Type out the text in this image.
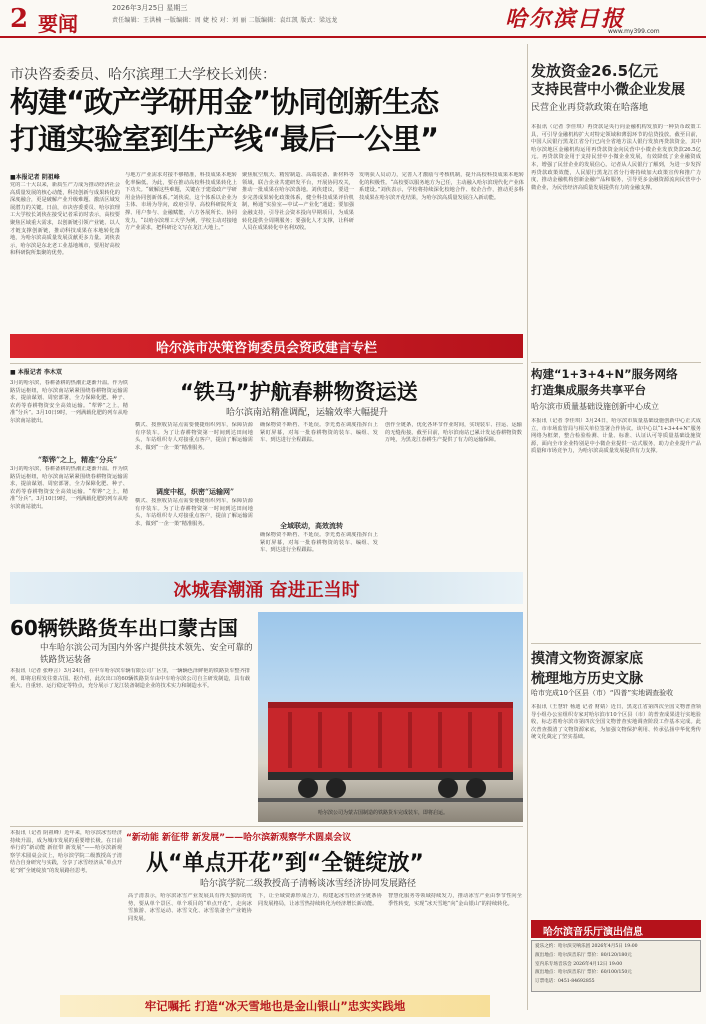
2 要闻
2026年3月25日 星期三
责任编辑：王洪楠 一版编辑：周 婕 校 对：刘 丽 二版编辑：袁红凯 版式：梁远龙	哈尔滨日报
www.my399.com
市决咨委委员、哈尔滨理工大学校长刘侠：
构建“政产学研用金”协同创新生态
打通实验室到生产线“最后一公里”
■本报记者 阴祖峰
党的二十大以来，新质生产力成为推动经济社会高质量发展的核心动能，科技创新与成果转化的深度融合，更是破解产业升级难题、激活区域发展潜力的关键。日前，市决咨委委员、哈尔滨理工大学校长刘侠在接受记者采访时表示，高校要聚焦区域重大需求，以创新链引领产业链、以人才链支撑创新链，推动科技成果在本地转化落地，为哈尔滨高质量发展贡献更多力量。刘侠表示，哈尔滨是东北老工业基地城市，要用好高校和科研院所集聚的优势。
与地方产业需求对接不够精准，科技成果本地转化率偏低。为此，要在推动高校科技成果转化上下功夫。“破解这些难题，关键在于建设政产学研用金协同创新体系。”刘侠说，这个体系以企业为主体、市场为导向，政府引导、高校科研院所支撑、用户参与、金融赋能，六方各展所长、协同发力。“以哈尔滨理工大学为例，学校主动对接地方产业需求，把科研论文写在龙江大地上。”
聚焦航空航天、精密制造、高端装备、新材料等领域，联合企业共建研发平台，开展协同攻关，推动一批成果在哈尔滨落地。刘侠建议，要进一步完善成果转化政策体系，健全科技成果评价机制，畅通“实验室—中试—产业化”通道；要加强金融支持，引导社会资本投向早期项目，为成果转化提供全周期服务；要强化人才支撑，让科研人员在成果转化中名利双收。
发明获人员动力，完善人才激励与考核机制，提升高校科技成果本地转化的积极性。“高校要以服务地方为己任，主动融入哈尔滨现代化产业体系建设。”刘侠表示，学校将持续深化校地合作、校企合作，推动更多科技成果在哈尔滨开花结果，为哈尔滨高质量发展注入新动能。
哈尔滨市决策咨询委员会资政建言专栏
发放资金26.5亿元
支持民营中小微企业发展
民营企业再贷款政策在哈落地
本报讯（记者 李佳琪）再贷款是央行向金融机构发放的一种货币政策工具，可引导金融机构扩大对特定领域和薄弱环节的信贷投放。截至目前，中国人民银行黑龙江省分行已向全省地方法人银行发放再贷款资金，其中哈尔滨地区金融机构运用再贷款资金向民营中小微企业发放贷款26.5亿元。再贷款资金用于支持民营中小微企业发展，有效降低了企业融资成本，增强了民营企业的发展信心。记者从人民银行了解到，为进一步发挥再贷款政策效能，人民银行黑龙江省分行将持续加大政策宣传和推广力度，推动金融机构创新金融产品和服务，引导更多金融资源流向民营中小微企业，为民营经济高质量发展提供有力的金融支撑。
■ 本报记者 李木双
“铁马”护航春耕物资运送
哈尔滨南站精准调配，运输效率大幅提升
3月的哈尔滨，春耕备耕的热潮正逐渐升温。作为铁路货运枢纽，哈尔滨南站紧紧围绕春耕物资运输需求，提前谋划、周密部署，全力保障化肥、种子、农药等春耕物资安全高效运输。“犁铧”之上，精准“分兵”。3月10日9时，一列满载化肥的列车从哈尔滨南站驶出。
“犁铧”之上，精准“分兵”
3月的哈尔滨，春耕备耕的热潮正逐渐升温。作为铁路货运枢纽，哈尔滨南站紧紧围绕春耕物资运输需求，提前谋划、周密部署，全力保障化肥、种子、农药等春耕物资安全高效运输。“犁铧”之上，精准“分兵”。3月10日9时，一列满载化肥的列车从哈尔滨南站驶出。
横式、按照收货站点需要便捷组织列车，保障货源有序装车。为了让春耕物资第一时间到达田间地头，车站组织专人对接重点客户，提前了解运输需求，做到“一企一策”精准服务。
调度中枢，织密“运输网”
横式、按照收货站点需要便捷组织列车，保障货源有序装车。为了让春耕物资第一时间到达田间地头，车站组织专人对接重点客户，提前了解运输需求，做到“一企一策”精准服务。
确保物资不断档、不延误。李光勇在调度指挥台上紧盯屏幕，对每一批春耕物资的装车、编组、发车、到达进行全程跟踪。
全域联动，高效流转
确保物资不断档、不延误。李光勇在调度指挥台上紧盯屏幕，对每一批春耕物资的装车、编组、发车、到达进行全程跟踪。
创作全链条，优化各环节作业时间，实现装车、挂运、运输的无缝衔接。截至目前，哈尔滨南站已累计发运春耕物资数万吨，为黑龙江春耕生产提供了有力的运输保障。
冰城春潮涌 奋进正当时
60辆铁路货车出口蒙古国
中车哈尔滨公司为国内外客户提供技术领先、安全可靠的
铁路货运装备
本报讯（记者 张峥言）3月24日，在中车哈尔滨车辆有限公司厂区里，一辆辆色泽鲜艳的铁路货车整齐排列，即将启程发往蒙古国。据介绍，此次出口的60辆铁路货车由中车哈尔滨公司自主研发制造，具有载重大、自重轻、运行稳定等特点，充分展示了龙江装备制造企业的技术实力和制造水平。
哈尔滨公司为蒙古国制造的铁路货车完成装车，即将启运。
构建“1+3+4+N”服务网络
打造集成服务共享平台
哈尔滨市质量基础设施创新中心成立
本报讯（记者 李佳琪）3月24日，哈尔滨市质量基础设施创新中心正式成立，市市场监管局与相关单位签署合作协议。该中心以“1+3+4+N”服务网络为框架，整合检验检测、计量、标准、认证认可等质量基础设施资源，面向全市企业特别是中小微企业提供一站式服务，助力企业提升产品质量和市场竞争力，为哈尔滨高质量发展提供有力支撑。
摸清文物资源家底
梳理地方历史文脉
哈市完成10个区县（市）“四普”实地调查验收
本报讯（王慧轩 杨迪 记者 财婧）近日，黑龙江省第四次全国文物普查领导小组办公室组织专家对哈尔滨市10个区县（市）的普查成果进行实地验收，标志着哈尔滨市第四次全国文物普查实地调查阶段工作基本完成。此次普查摸清了文物资源家底，为加强文物保护利用、传承弘扬中华优秀传统文化奠定了坚实基础。
本报讯（记者 阴祖峰）近年来，哈尔滨冰雪经济持续升温，成为城市发展的重要增长极。在日前举行的“新动能 新征带 新发展”——哈尔滨新观察学术圆桌会议上，哈尔滨学院二级教授高子清结合自身研究与实践，分享了冰雪经济从“单点开花”到“全链绽放”的发展路径思考。
“新动能 新征带 新发展”——哈尔滨新观察学术圆桌会议
从“单点开花”到“全链绽放”
哈尔滨学院二级教授高子清畅谈冰雪经济协同发展路径
高子清表示，哈尔滨冰雪产业发展具有得天独厚的优势，要从单个景区、单个项目的“单点开花”，走向冰雪旅游、冰雪运动、冰雪文化、冰雪装备全产业链协同发展。
下，让全域资源形成合力，构建起冰雪经济全链条协同发展格局，让冰雪热持续转化为经济增长新动能。
智慧化服务等领域持续发力，推动冰雪产业由季节性向全季性转变，实现“冰天雪地”向“金山银山”的持续转化。
哈尔滨音乐厅演出信息
爱乐之约：哈尔滨交响乐团 2026年4月5日 19:00
演出地点：哈尔滨音乐厅 票价：80/120/180元
室内乐专场音乐会 2026年4月12日 19:00
演出地点：哈尔滨音乐厅 票价：60/100/150元
订票电话：0451-84692855
牢记嘱托 打造“冰天雪地也是金山银山”忠实实践地
